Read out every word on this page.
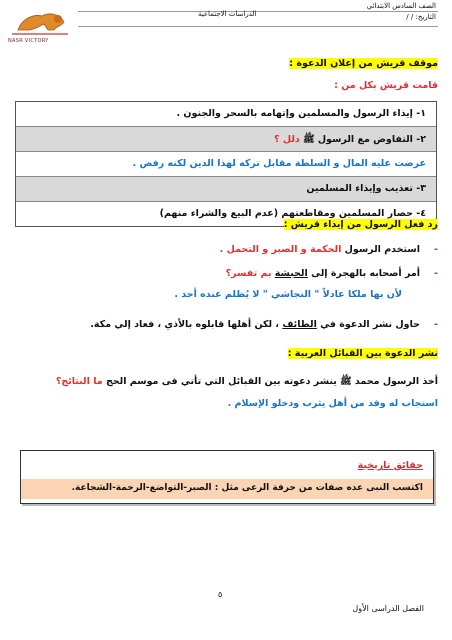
NASR VICTORY
الصف السادس الابتدائي
الدراسات الاجتماعية	التاريخ: / /
موقف قريش من إعلان الدعوة :
قامت قريش بكل من :
١- إيذاء الرسول والمسلمين وإتهامه بالسحر والجنون .
٢- التفاوض مع الرسول ﷺ دلل ؟
عرضت عليه المال و السلطة مقابل تركه لهذا الدين لكنه رفض .
٣- تعذيب وإيذاء المسلمين
٤- حصار المسلمين ومقاطعتهم (عدم البيع والشراء منهم)
رد فعل الرسول من إيذاء قريش :
استخدم الرسول الحكمة و الصبر و التحمل .	-
أمر أصحابه بالهجرة إلى الحبشة بم تفسر؟	-
لأن بها ملكا عادلاً " النجاشي " لا يُظلم عنده أحد .
حاول نشر الدعوة في الطائف ، لكن أهلها قابلوه بالأذي ، فعاد إلي مكة.	-
نشر الدعوة بين القبائل العربية :
أخذ الرسول محمد ﷺ ينشر دعوته بين القبائل التي تأتي فى موسم الحج ما النتائج؟
استجاب له وفد من أهل يثرب ودخلو الإسلام .
حقائق تاريخية
اكتسب النبى عده صفات من حرفة الرعى مثل : الصبر-التواضع-الرحمة-الشجاعة.
٥
الفصل الدراسى الأول
